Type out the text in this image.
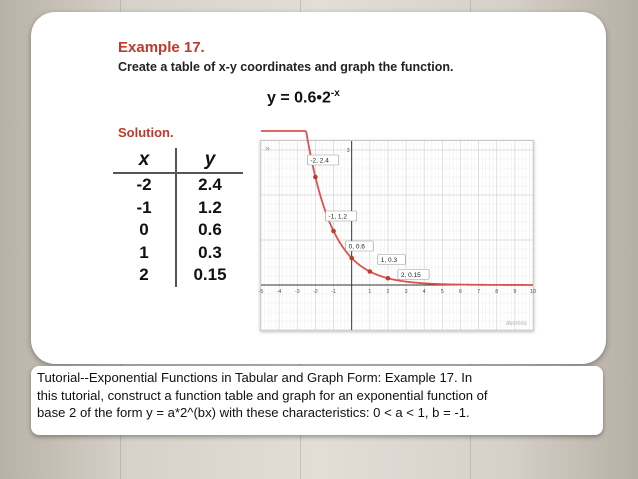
Example 17.
Create a table of x-y coordinates and graph the function.
$y = 0.6•2^{-x}$
Solution.
x	y
-2	2.4
-1	1.2
0	0.6
1	0.3
2	0.15
-5 -4 -3 -2 -1	1	2	3	4	5	6	7	8	9 10
3
-2, 2.4
-1, 1.2
0, 0.6
1, 0.3
2, 0.15
»
desmos

Tutorial--Exponential Functions in Tabular and Graph Form: Example 17. In

this tutorial, construct a function table and graph for an exponential function of

base 2 of the form y = a*2^(bx) with these characteristics: 0 < a < 1, b = -1.
